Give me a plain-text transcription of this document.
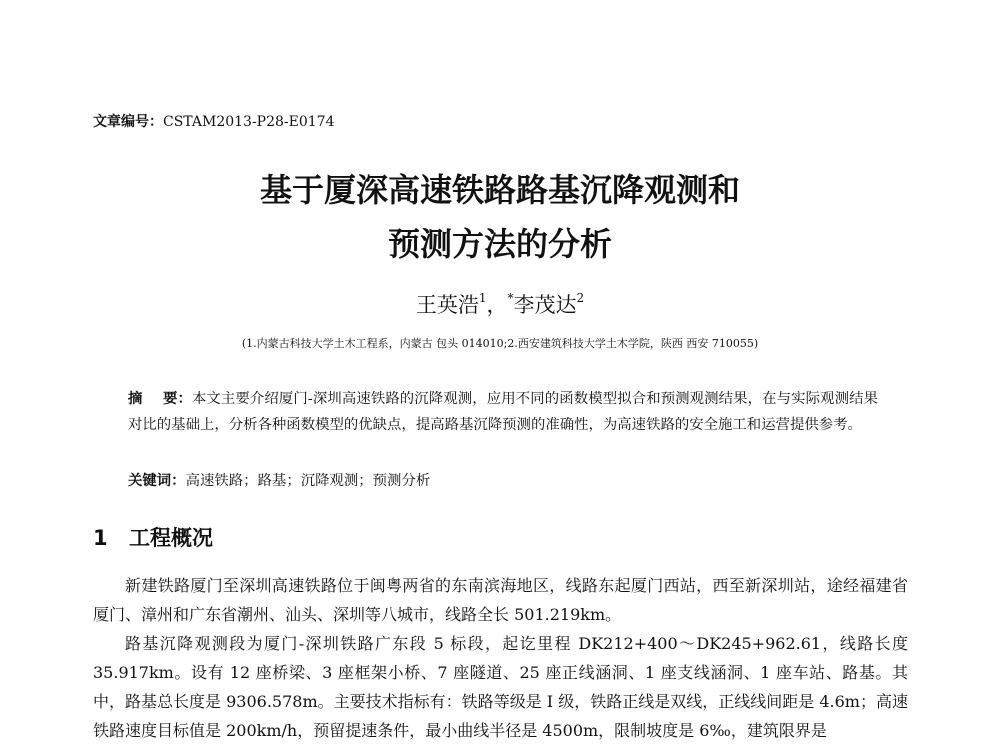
文章编号：CSTAM2013-P28-E0174
基于厦深高速铁路路基沉降观测和
预测方法的分析
王英浩$^1$，*李茂达$^2$
(1.内蒙古科技大学土木工程系，内蒙古 包头 014010;2.西安建筑科技大学土木学院，陕西 西安 710055)
摘    要：本文主要介绍厦门-深圳高速铁路的沉降观测，应用不同的函数模型拟合和预测观测结果，在与实际观测结果对比的基础上，分析各种函数模型的优缺点，提高路基沉降预测的准确性，为高速铁路的安全施工和运营提供参考。
关键词：高速铁路；路基；沉降观测；预测分析
1 工程概况

新建铁路厦门至深圳高速铁路位于闽粤两省的东南滨海地区，线路东起厦门西站，西至新深圳站，途经福建省厦门、漳州和广东省潮州、汕头、深圳等八城市，线路全长 501.219km。

路基沉降观测段为厦门-深圳铁路广东段 5 标段，起讫里程 DK212+400～DK245+962.61，线路长度 35.917km。设有 12 座桥梁、3 座框架小桥、7 座隧道、25 座正线涵洞、1 座支线涵洞、1 座车站、路基。其中，路基总长度是 9306.578m。主要技术指标有：铁路等级是 I 级，铁路正线是双线，正线线间距是 4.6m；高速铁路速度目标值是 200km/h，预留提速条件，最小曲线半径是 4500m，限制坡度是 6‰，建筑限界是
